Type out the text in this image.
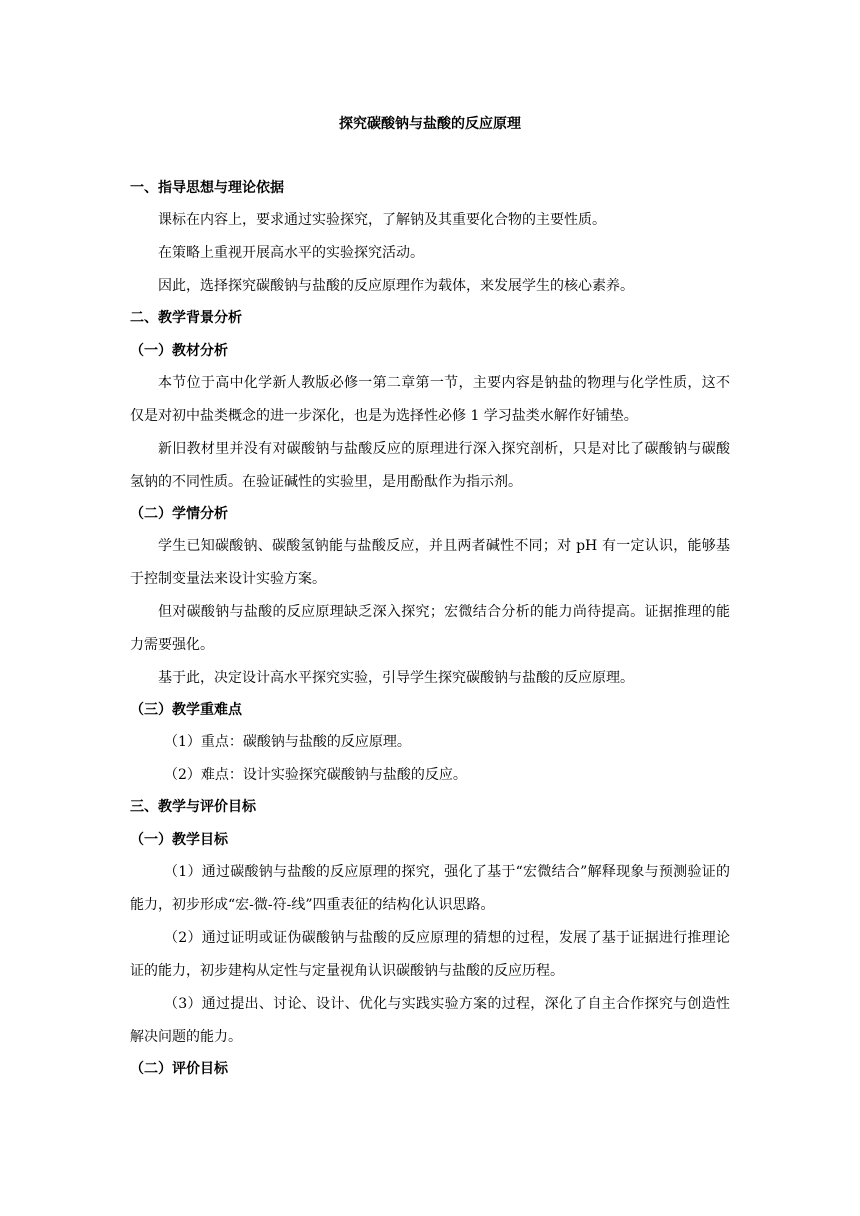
探究碳酸钠与盐酸的反应原理
一、指导思想与理论依据
课标在内容上，要求通过实验探究，了解钠及其重要化合物的主要性质。
在策略上重视开展高水平的实验探究活动。
因此，选择探究碳酸钠与盐酸的反应原理作为载体，来发展学生的核心素养。
二、教学背景分析
（一）教材分析
本节位于高中化学新人教版必修一第二章第一节，主要内容是钠盐的物理与化学性质，这不仅是对初中盐类概念的进一步深化，也是为选择性必修 1 学习盐类水解作好铺垫。
新旧教材里并没有对碳酸钠与盐酸反应的原理进行深入探究剖析，只是对比了碳酸钠与碳酸氢钠的不同性质。在验证碱性的实验里，是用酚酞作为指示剂。
（二）学情分析
学生已知碳酸钠、碳酸氢钠能与盐酸反应，并且两者碱性不同；对 pH 有一定认识，能够基于控制变量法来设计实验方案。
但对碳酸钠与盐酸的反应原理缺乏深入探究；宏微结合分析的能力尚待提高。证据推理的能力需要强化。
基于此，决定设计高水平探究实验，引导学生探究碳酸钠与盐酸的反应原理。
（三）教学重难点
（1）重点：碳酸钠与盐酸的反应原理。
（2）难点：设计实验探究碳酸钠与盐酸的反应。
三、教学与评价目标
（一）教学目标
（1）通过碳酸钠与盐酸的反应原理的探究，强化了基于“宏微结合”解释现象与预测验证的能力，初步形成“宏-微-符-线”四重表征的结构化认识思路。
（2）通过证明或证伪碳酸钠与盐酸的反应原理的猜想的过程，发展了基于证据进行推理论证的能力，初步建构从定性与定量视角认识碳酸钠与盐酸的反应历程。
（3）通过提出、讨论、设计、优化与实践实验方案的过程，深化了自主合作探究与创造性解决问题的能力。
（二）评价目标
